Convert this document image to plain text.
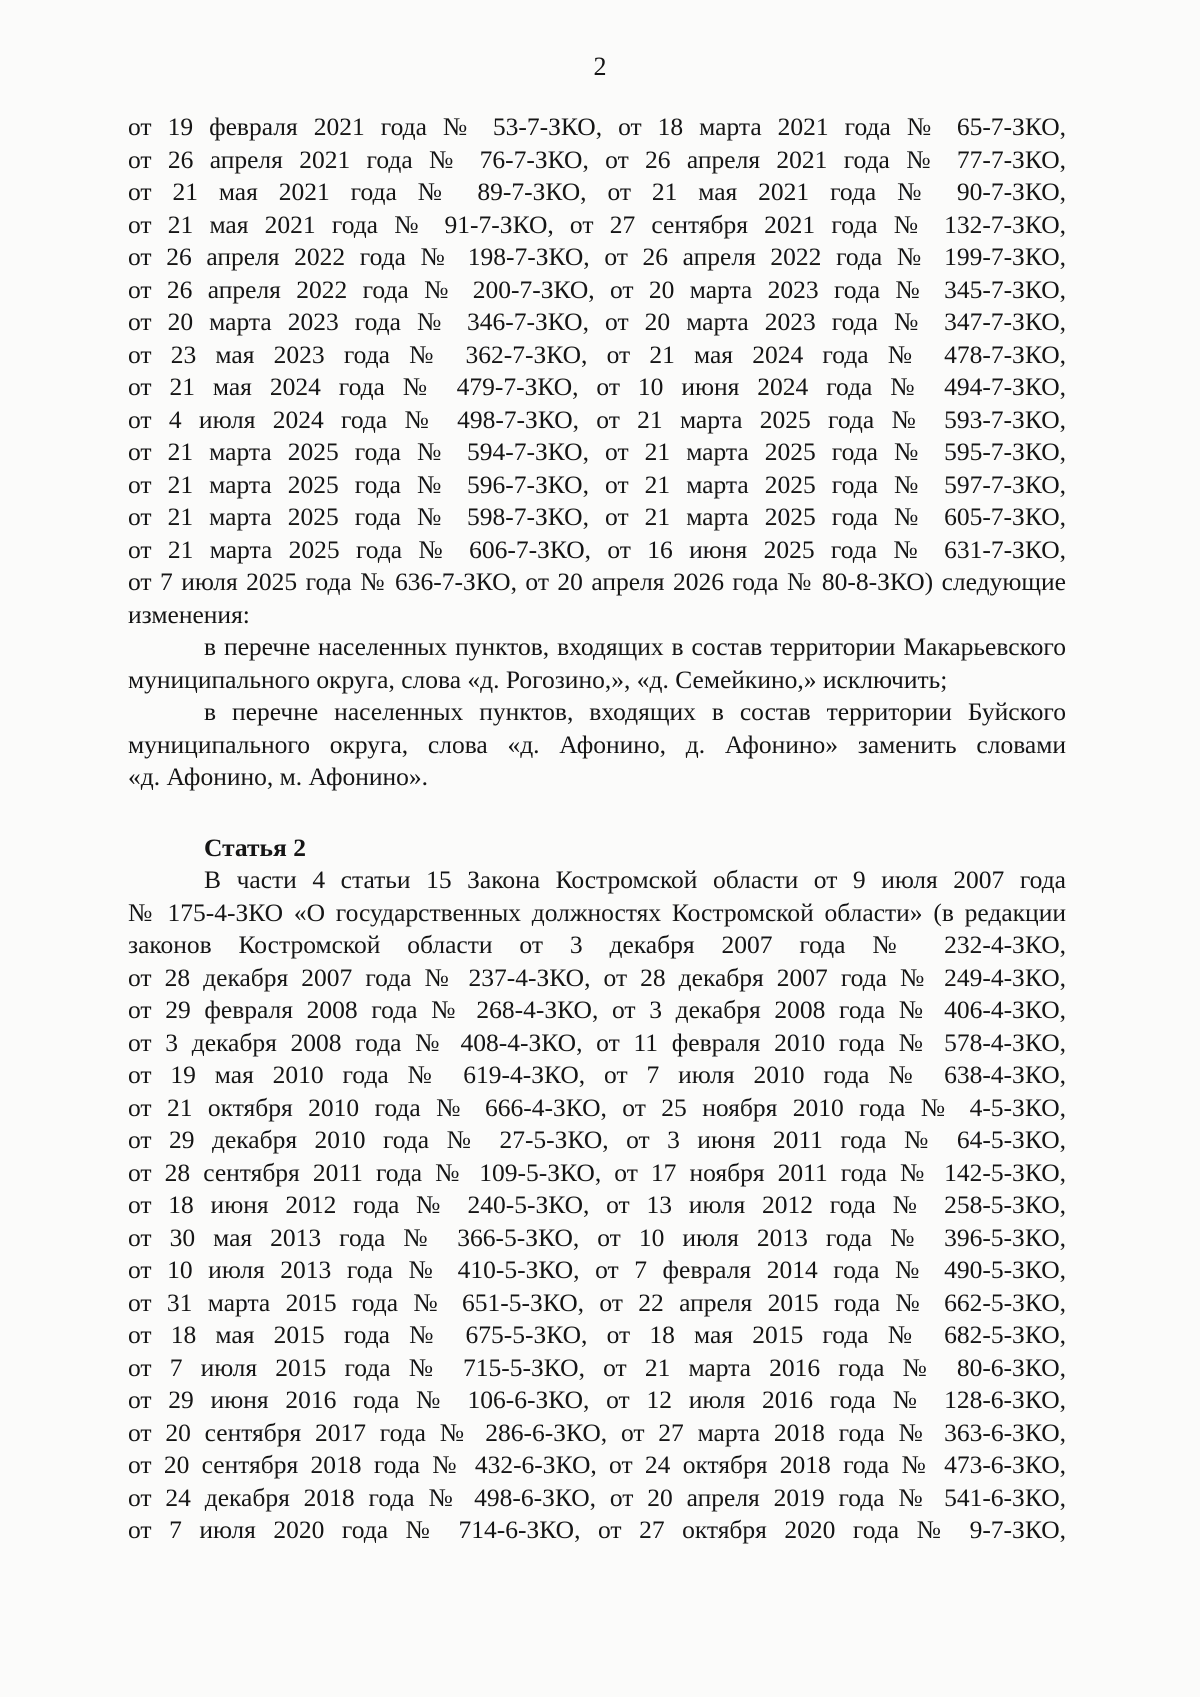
2
от 19 февраля 2021 года № 53-7-ЗКО, от 18 марта 2021 года № 65-7-ЗКО,
от 26 апреля 2021 года № 76-7-ЗКО, от 26 апреля 2021 года № 77-7-ЗКО,
от 21 мая 2021 года № 89-7-ЗКО, от 21 мая 2021 года № 90-7-ЗКО,
от 21 мая 2021 года № 91-7-ЗКО, от 27 сентября 2021 года № 132-7-ЗКО,
от 26 апреля 2022 года № 198-7-ЗКО, от 26 апреля 2022 года № 199-7-ЗКО,
от 26 апреля 2022 года № 200-7-ЗКО, от 20 марта 2023 года № 345-7-ЗКО,
от 20 марта 2023 года № 346-7-ЗКО, от 20 марта 2023 года № 347-7-ЗКО,
от 23 мая 2023 года № 362-7-ЗКО, от 21 мая 2024 года № 478-7-ЗКО,
от 21 мая 2024 года № 479-7-ЗКО, от 10 июня 2024 года № 494-7-ЗКО,
от 4 июля 2024 года № 498-7-ЗКО, от 21 марта 2025 года № 593-7-ЗКО,
от 21 марта 2025 года № 594-7-ЗКО, от 21 марта 2025 года № 595-7-ЗКО,
от 21 марта 2025 года № 596-7-ЗКО, от 21 марта 2025 года № 597-7-ЗКО,
от 21 марта 2025 года № 598-7-ЗКО, от 21 марта 2025 года № 605-7-ЗКО,
от 21 марта 2025 года № 606-7-ЗКО, от 16 июня 2025 года № 631-7-ЗКО,
от 7 июля 2025 года № 636-7-ЗКО, от 20 апреля 2026 года № 80-8-ЗКО) следующие
изменения:
в перечне населенных пунктов, входящих в состав территории Макарьевского
муниципального округа, слова «д. Рогозино,», «д. Семейкино,» исключить;
в перечне населенных пунктов, входящих в состав территории Буйского
муниципального округа, слова «д. Афонино, д. Афонино» заменить словами
«д. Афонино, м. Афонино».
Статья 2
В части 4 статьи 15 Закона Костромской области от 9 июля 2007 года
№ 175-4-ЗКО «О государственных должностях Костромской области» (в редакции
законов Костромской области от 3 декабря 2007 года № 232-4-ЗКО,
от 28 декабря 2007 года № 237-4-ЗКО, от 28 декабря 2007 года № 249-4-ЗКО,
от 29 февраля 2008 года № 268-4-ЗКО, от 3 декабря 2008 года № 406-4-ЗКО,
от 3 декабря 2008 года № 408-4-ЗКО, от 11 февраля 2010 года № 578-4-ЗКО,
от 19 мая 2010 года № 619-4-ЗКО, от 7 июля 2010 года № 638-4-ЗКО,
от 21 октября 2010 года № 666-4-ЗКО, от 25 ноября 2010 года № 4-5-ЗКО,
от 29 декабря 2010 года № 27-5-ЗКО, от 3 июня 2011 года № 64-5-ЗКО,
от 28 сентября 2011 года № 109-5-ЗКО, от 17 ноября 2011 года № 142-5-ЗКО,
от 18 июня 2012 года № 240-5-ЗКО, от 13 июля 2012 года № 258-5-ЗКО,
от 30 мая 2013 года № 366-5-ЗКО, от 10 июля 2013 года № 396-5-ЗКО,
от 10 июля 2013 года № 410-5-ЗКО, от 7 февраля 2014 года № 490-5-ЗКО,
от 31 марта 2015 года № 651-5-ЗКО, от 22 апреля 2015 года № 662-5-ЗКО,
от 18 мая 2015 года № 675-5-ЗКО, от 18 мая 2015 года № 682-5-ЗКО,
от 7 июля 2015 года № 715-5-ЗКО, от 21 марта 2016 года № 80-6-ЗКО,
от 29 июня 2016 года № 106-6-ЗКО, от 12 июля 2016 года № 128-6-ЗКО,
от 20 сентября 2017 года № 286-6-ЗКО, от 27 марта 2018 года № 363-6-ЗКО,
от 20 сентября 2018 года № 432-6-ЗКО, от 24 октября 2018 года № 473-6-ЗКО,
от 24 декабря 2018 года № 498-6-ЗКО, от 20 апреля 2019 года № 541-6-ЗКО,
от 7 июля 2020 года № 714-6-ЗКО, от 27 октября 2020 года № 9-7-ЗКО,
